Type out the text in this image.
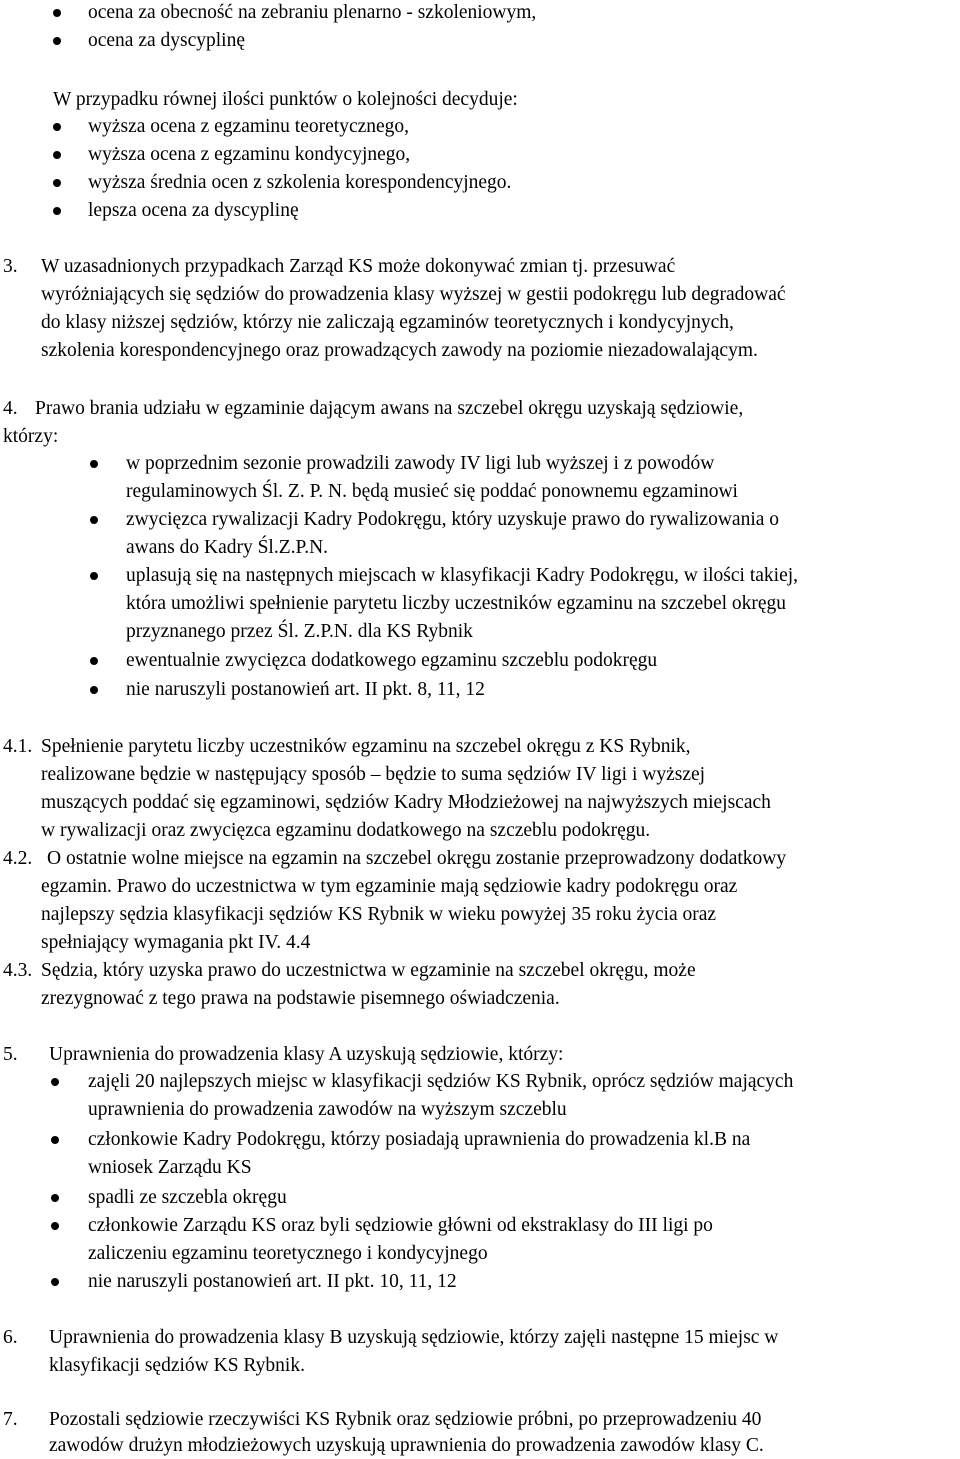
ocena za obecność na zebraniu plenarno - szkoleniowym,
ocena za dyscyplinę
W przypadku równej ilości punktów o kolejności decyduje:
wyższa ocena z egzaminu teoretycznego,
wyższa ocena z egzaminu kondycyjnego,
wyższa średnia ocen z szkolenia korespondencyjnego.
lepsza ocena za dyscyplinę
3. W uzasadnionych przypadkach Zarząd KS może dokonywać zmian tj. przesuwać
wyróżniających się sędziów do prowadzenia klasy wyższej w gestii podokręgu lub degradować
do klasy niższej sędziów, którzy nie zaliczają egzaminów teoretycznych i kondycyjnych,
szkolenia korespondencyjnego oraz prowadzących zawody na poziomie niezadowalającym.
4. Prawo brania udziału w egzaminie dającym awans na szczebel okręgu uzyskają sędziowie,
którzy:
w poprzednim sezonie prowadzili zawody IV ligi lub wyższej i z powodów
regulaminowych Śl. Z. P. N. będą musieć się poddać ponownemu egzaminowi
zwycięzca rywalizacji Kadry Podokręgu, który uzyskuje prawo do rywalizowania o
awans do Kadry Śl.Z.P.N.
uplasują się na następnych miejscach w klasyfikacji Kadry Podokręgu, w ilości takiej,
która umożliwi spełnienie parytetu liczby uczestników egzaminu na szczebel okręgu
przyznanego przez Śl. Z.P.N. dla KS Rybnik
ewentualnie zwycięzca dodatkowego egzaminu szczeblu podokręgu
nie naruszyli postanowień art. II pkt. 8, 11, 12
4.1. Spełnienie parytetu liczby uczestników egzaminu na szczebel okręgu z KS Rybnik,
realizowane będzie w następujący sposób – będzie to suma sędziów IV ligi i wyższej
muszących poddać się egzaminowi, sędziów Kadry Młodzieżowej na najwyższych miejscach
w rywalizacji oraz zwycięzca egzaminu dodatkowego na szczeblu podokręgu.
4.2. O ostatnie wolne miejsce na egzamin na szczebel okręgu zostanie przeprowadzony dodatkowy
egzamin. Prawo do uczestnictwa w tym egzaminie mają sędziowie kadry podokręgu oraz
najlepszy sędzia klasyfikacji sędziów KS Rybnik w wieku powyżej 35 roku życia oraz
spełniający wymagania pkt IV. 4.4
4.3. Sędzia, który uzyska prawo do uczestnictwa w egzaminie na szczebel okręgu, może
zrezygnować z tego prawa na podstawie pisemnego oświadczenia.
5. Uprawnienia do prowadzenia klasy A uzyskują sędziowie, którzy:
zajęli 20 najlepszych miejsc w klasyfikacji sędziów KS Rybnik, oprócz sędziów mających
uprawnienia do prowadzenia zawodów na wyższym szczeblu
członkowie Kadry Podokręgu, którzy posiadają uprawnienia do prowadzenia kl.B na
wniosek Zarządu KS
spadli ze szczebla okręgu
członkowie Zarządu KS oraz byli sędziowie główni od ekstraklasy do III ligi po
zaliczeniu egzaminu teoretycznego i kondycyjnego
nie naruszyli postanowień art. II pkt. 10, 11, 12
6. Uprawnienia do prowadzenia klasy B uzyskują sędziowie, którzy zajęli następne 15 miejsc w
klasyfikacji sędziów KS Rybnik.
7. Pozostali sędziowie rzeczywiści KS Rybnik oraz sędziowie próbni, po przeprowadzeniu 40
zawodów drużyn młodzieżowych uzyskują uprawnienia do prowadzenia zawodów klasy C.
